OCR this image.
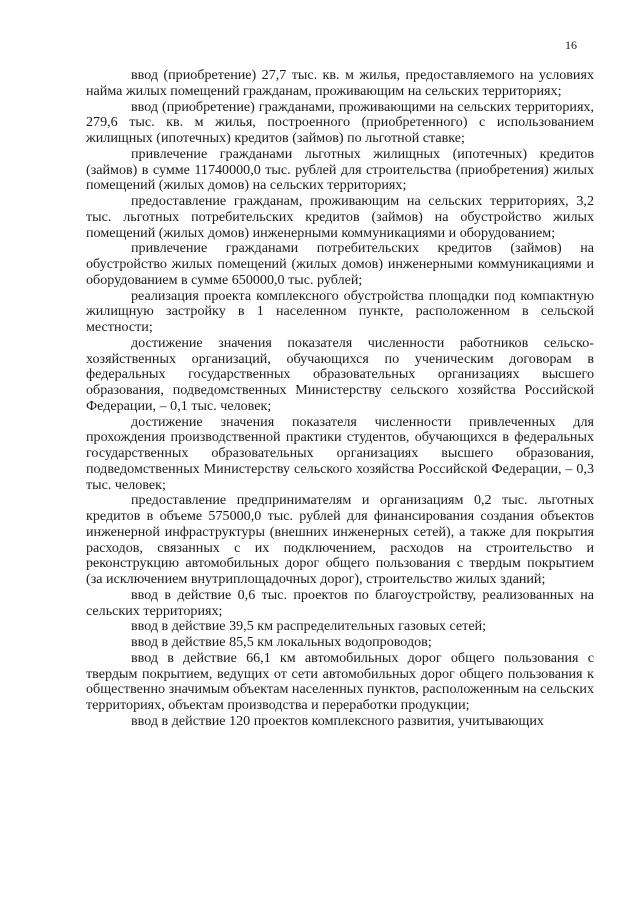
16

ввод (приобретение) 27,7 тыс. кв. м жилья, предоставляемого на условиях найма жилых помещений гражданам, проживающим на сельских территориях;

ввод (приобретение) гражданами, проживающими на сельских территориях, 279,6 тыс. кв. м жилья, построенного (приобретенного) с использованием жилищных (ипотечных) кредитов (займов) по льготной ставке;

привлечение гражданами льготных жилищных (ипотечных) кредитов (займов) в сумме 11740000,0 тыс. рублей для строительства (приобретения) жилых помещений (жилых домов) на сельских территориях;

предоставление гражданам, проживающим на сельских территориях, 3,2 тыс. льготных потребительских кредитов (займов) на обустройство жилых помещений (жилых домов) инженерными коммуникациями и оборудованием;

привлечение гражданами потребительских кредитов (займов) на обустройство жилых помещений (жилых домов) инженерными коммуникациями и оборудованием в сумме 650000,0 тыс. рублей;

реализация проекта комплексного обустройства площадки под компактную жилищную застройку в 1 населенном пункте, расположенном в сельской местности;

достижение значения показателя численности работников сельско-хозяйственных организаций, обучающихся по ученическим договорам в федеральных государственных образовательных организациях высшего образования, подведомственных Министерству сельского хозяйства Российской Федерации, – 0,1 тыс. человек;

достижение значения показателя численности привлеченных для прохождения производственной практики студентов, обучающихся в федеральных государственных образовательных организациях высшего образования, подведомственных Министерству сельского хозяйства Российской Федерации, – 0,3 тыс. человек;

предоставление предпринимателям и организациям 0,2 тыс. льготных кредитов в объеме 575000,0 тыс. рублей для финансирования создания объектов инженерной инфраструктуры (внешних инженерных сетей), а также для покрытия расходов, связанных с их подключением, расходов на строительство и реконструкцию автомобильных дорог общего пользования с твердым покрытием (за исключением внутриплощадочных дорог), строительство жилых зданий;

ввод в действие 0,6 тыс. проектов по благоустройству, реализованных на сельских территориях;

ввод в действие 39,5 км распределительных газовых сетей;

ввод в действие 85,5 км локальных водопроводов;

ввод в действие 66,1 км автомобильных дорог общего пользования с твердым покрытием, ведущих от сети автомобильных дорог общего пользования к общественно значимым объектам населенных пунктов, расположенным на сельских территориях, объектам производства и переработки продукции;

ввод в действие 120 проектов комплексного развития, учитывающих
